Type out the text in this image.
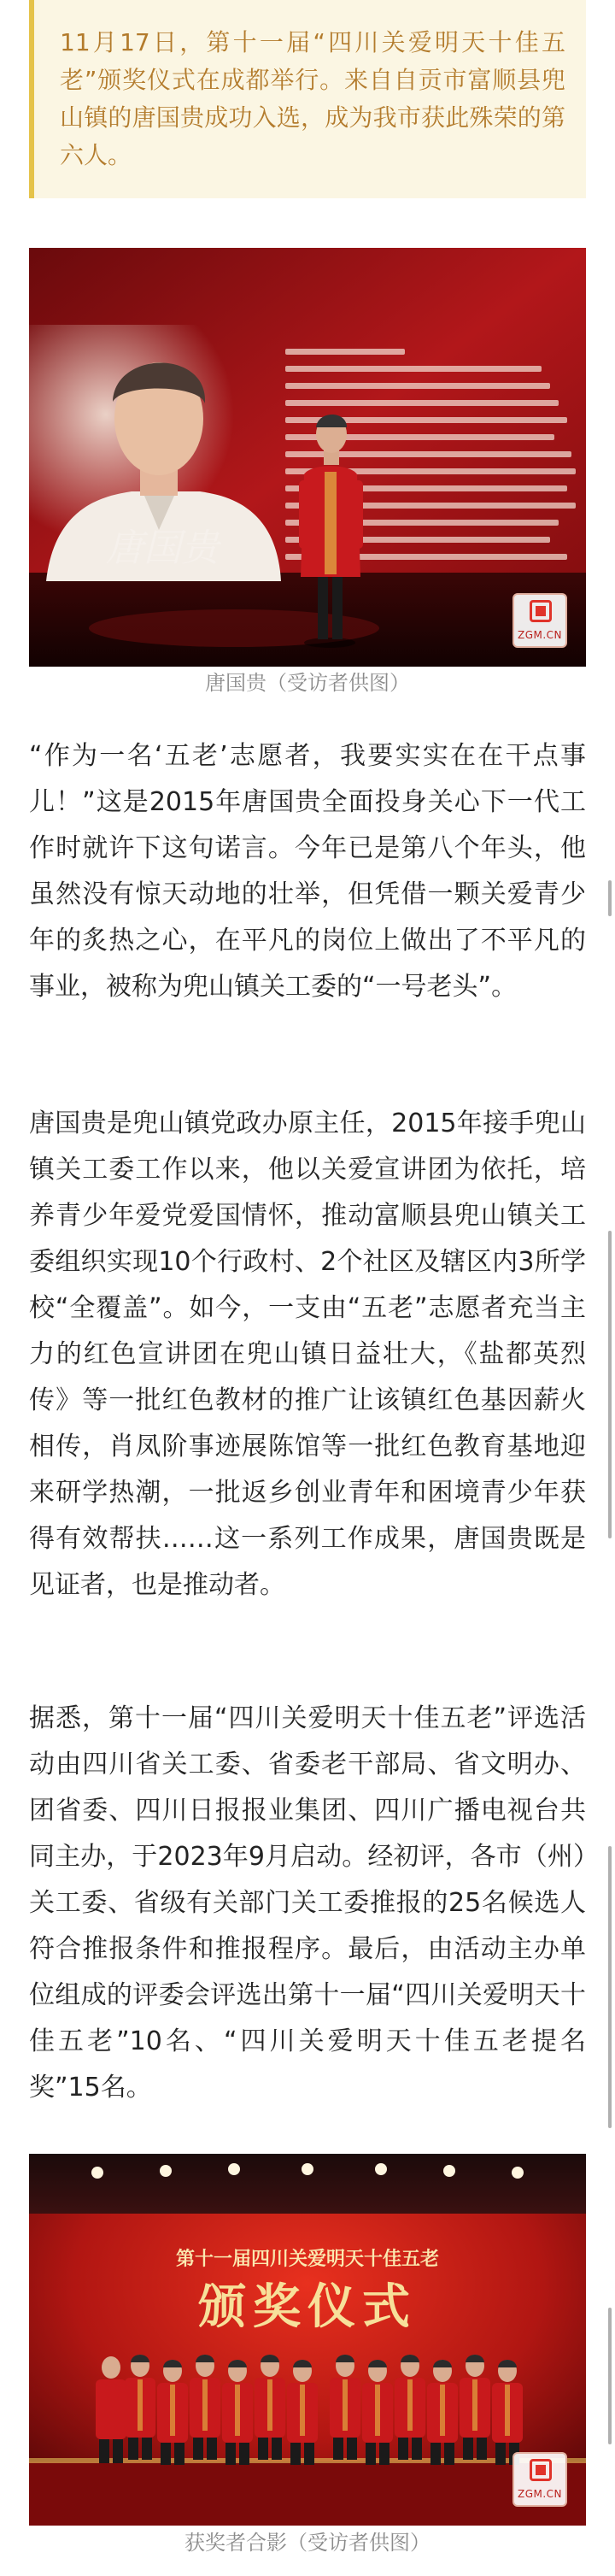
11月17日，第十一届“四川关爱明天十佳五老”颁奖仪式在成都举行。来自自贡市富顺县兜山镇的唐国贵成功入选，成为我市获此殊荣的第六人。

唐国贵
ZGM.CN
唐国贵（受访者供图）

“作为一名‘五老’志愿者，我要实实在在干点事儿！”这是2015年唐国贵全面投身关心下一代工作时就许下这句诺言。今年已是第八个年头，他虽然没有惊天动地的壮举，但凭借一颗关爱青少年的炙热之心，在平凡的岗位上做出了不平凡的事业，被称为兜山镇关工委的“一号老头”。

唐国贵是兜山镇党政办原主任，2015年接手兜山镇关工委工作以来，他以关爱宣讲团为依托，培养青少年爱党爱国情怀，推动富顺县兜山镇关工委组织实现10个行政村、2个社区及辖区内3所学校“全覆盖”。如今，一支由“五老”志愿者充当主力的红色宣讲团在兜山镇日益壮大，《盐都英烈传》等一批红色教材的推广让该镇红色基因薪火相传，肖凤阶事迹展陈馆等一批红色教育基地迎来研学热潮，一批返乡创业青年和困境青少年获得有效帮扶……这一系列工作成果，唐国贵既是见证者，也是推动者。

据悉，第十一届“四川关爱明天十佳五老”评选活动由四川省关工委、省委老干部局、省文明办、团省委、四川日报报业集团、四川广播电视台共同主办，于2023年9月启动。经初评，各市（州）关工委、省级有关部门关工委推报的25名候选人符合推报条件和推报程序。最后，由活动主办单位组成的评委会评选出第十一届“四川关爱明天十佳五老”10名、“四川关爱明天十佳五老提名奖”15名。

第十一届四川关爱明天十佳五老
颁奖仪式
ZGM.CN
获奖者合影（受访者供图）
